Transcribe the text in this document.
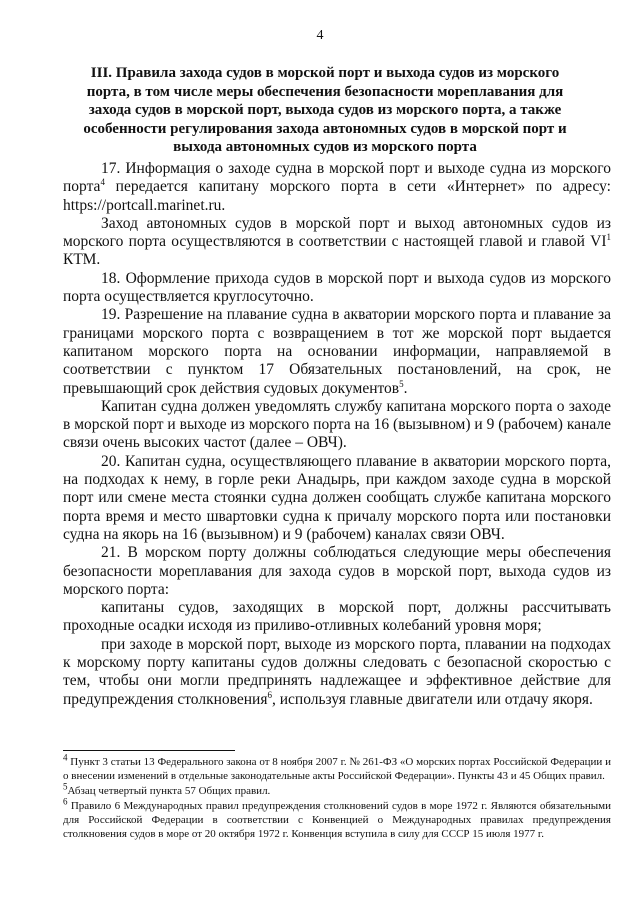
4
III. Правила захода судов в морской порт и выхода судов из морского порта, в том числе меры обеспечения безопасности мореплавания для захода судов в морской порт, выхода судов из морского порта, а также особенности регулирования захода автономных судов в морской порт и выхода автономных судов из морского порта

17. Информация о заходе судна в морской порт и выходе судна из морского порта$^4$ передается капитану морского порта в сети «Интернет» по адресу: https://portcall.marinet.ru.

Заход автономных судов в морской порт и выход автономных судов из морского порта осуществляются в соответствии с настоящей главой и главой $VI^1$ КТМ.

18. Оформление прихода судов в морской порт и выхода судов из морского порта осуществляется круглосуточно.

19. Разрешение на плавание судна в акватории морского порта и плавание за границами морского порта с возвращением в тот же морской порт выдается капитаном морского порта на основании информации, направляемой в соответствии с пунктом 17 Обязательных постановлений, на срок, не превышающий срок действия судовых документов$^5$.

Капитан судна должен уведомлять службу капитана морского порта о заходе в морской порт и выходе из морского порта на 16 (вызывном) и 9 (рабочем) канале связи очень высоких частот (далее – ОВЧ).

20. Капитан судна, осуществляющего плавание в акватории морского порта, на подходах к нему, в горле реки Анадырь, при каждом заходе судна в морской порт или смене места стоянки судна должен сообщать службе капитана морского порта время и место швартовки судна к причалу морского порта или постановки судна на якорь на 16 (вызывном) и 9 (рабочем) каналах связи ОВЧ.

21. В морском порту должны соблюдаться следующие меры обеспечения безопасности мореплавания для захода судов в морской порт, выхода судов из морского порта:

капитаны судов, заходящих в морской порт, должны рассчитывать проходные осадки исходя из приливо-отливных колебаний уровня моря;

при заходе в морской порт, выходе из морского порта, плавании на подходах к морскому порту капитаны судов должны следовать с безопасной скоростью с тем, чтобы они могли предпринять надлежащее и эффективное действие для предупреждения столкновения$^6$, используя главные двигатели или отдачу якоря.

$^4$ Пункт 3 статьи 13 Федерального закона от 8 ноября 2007 г. № 261-ФЗ «О морских портах Российской Федерации и о внесении изменений в отдельные законодательные акты Российской Федерации». Пункты 43 и 45 Общих правил.

$^5$Абзац четвертый пункта 57 Общих правил.

$^6$ Правило 6 Международных правил предупреждения столкновений судов в море 1972 г. Являются обязательными для Российской Федерации в соответствии с Конвенцией о Международных правилах предупреждения столкновения судов в море от 20 октября 1972 г. Конвенция вступила в силу для СССР 15 июля 1977 г.
